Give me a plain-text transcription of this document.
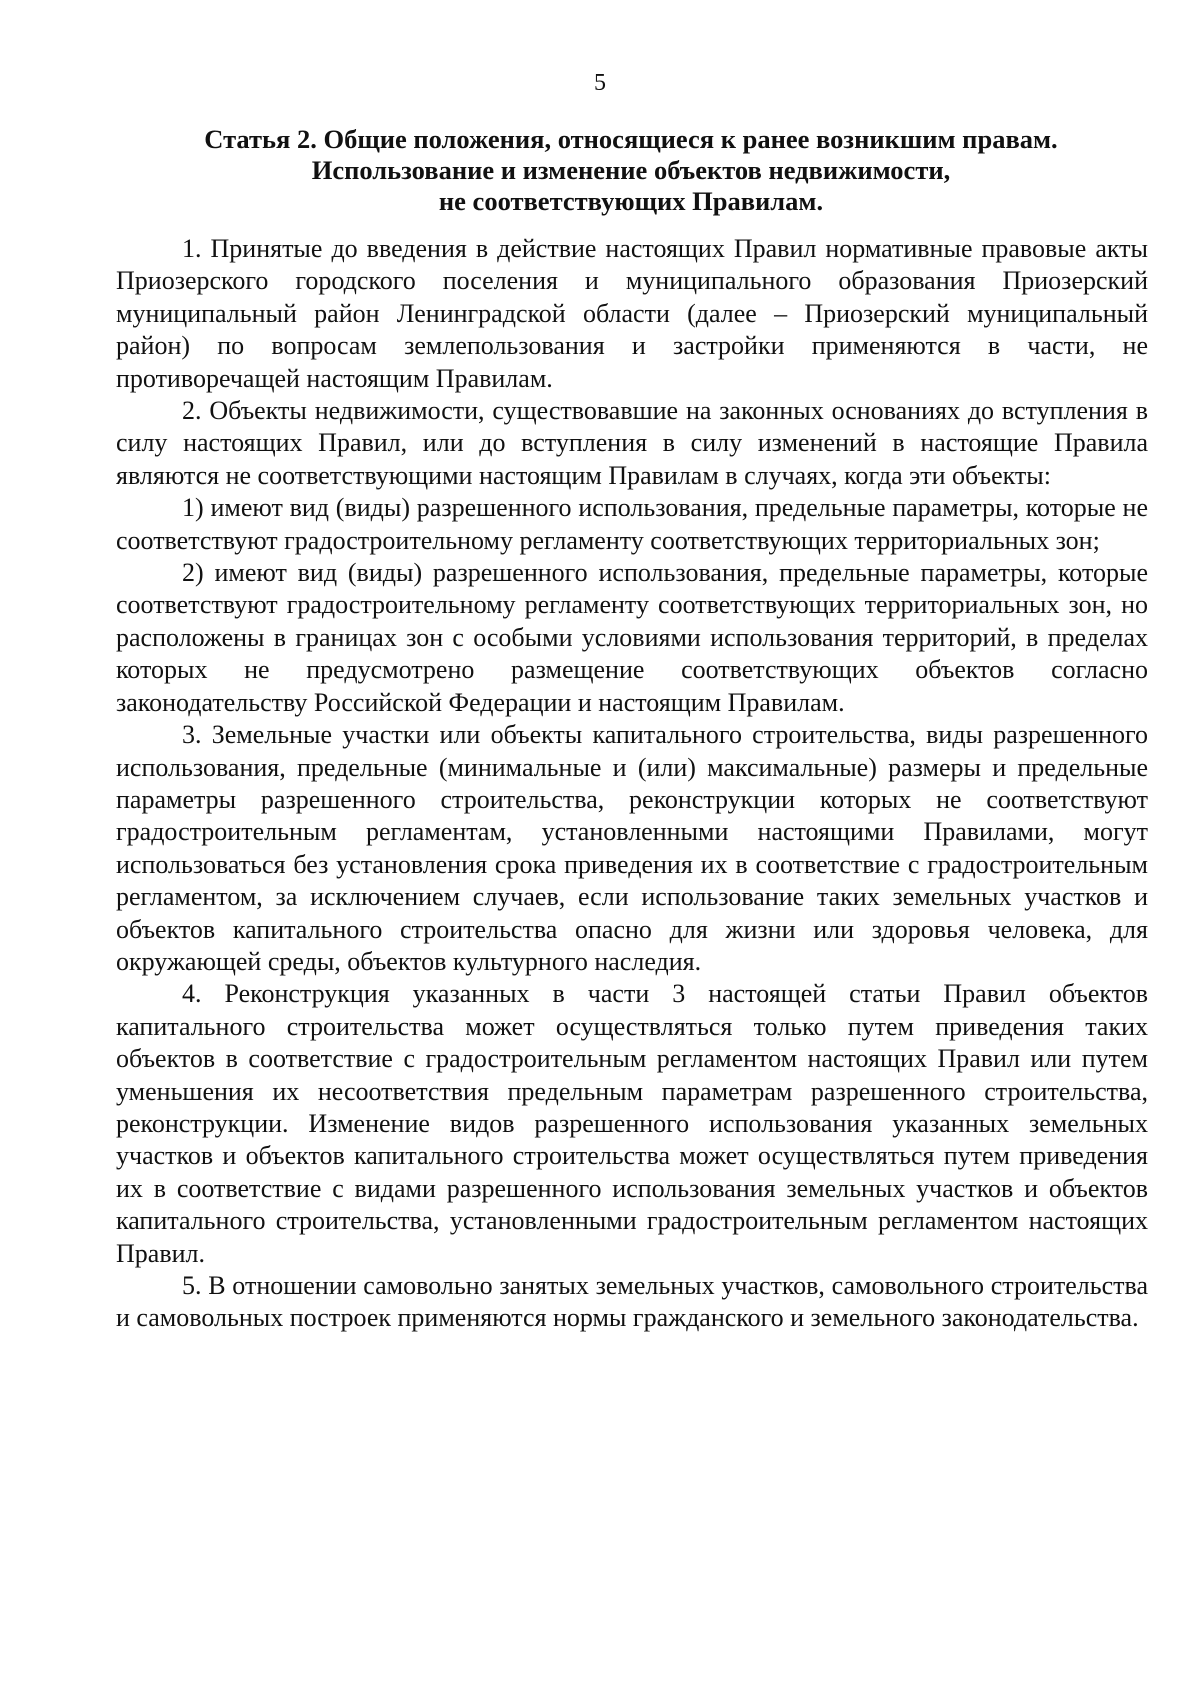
5
Статья 2. Общие положения, относящиеся к ранее возникшим правам.
Использование и изменение объектов недвижимости,
не соответствующих Правилам.

1. Принятые до введения в действие настоящих Правил нормативные правовые акты Приозерского городского поселения и муниципального образования Приозерский муниципальный район Ленинградской области (далее – Приозерский муниципальный район) по вопросам землепользования и застройки применяются в части, не противоречащей настоящим Правилам.

2. Объекты недвижимости, существовавшие на законных основаниях до вступления в силу настоящих Правил, или до вступления в силу изменений в настоящие Правила являются не соответствующими настоящим Правилам в случаях, когда эти объекты:

1) имеют вид (виды) разрешенного использования, предельные параметры, которые не соответствуют градостроительному регламенту соответствующих территориальных зон;

2) имеют вид (виды) разрешенного использования, предельные параметры, которые соответствуют градостроительному регламенту соответствующих территориальных зон, но расположены в границах зон с особыми условиями использования территорий, в пределах которых не предусмотрено размещение соответствующих объектов согласно законодательству Российской Федерации и настоящим Правилам.

3. Земельные участки или объекты капитального строительства, виды разрешенного использования, предельные (минимальные и (или) максимальные) размеры и предельные параметры разрешенного строительства, реконструкции которых не соответствуют градостроительным регламентам, установленными настоящими Правилами, могут использоваться без установления срока приведения их в соответствие с градостроительным регламентом, за исключением случаев, если использование таких земельных участков и объектов капитального строительства опасно для жизни или здоровья человека, для окружающей среды, объектов культурного наследия.

4. Реконструкция указанных в части 3 настоящей статьи Правил объектов капитального строительства может осуществляться только путем приведения таких объектов в соответствие с градостроительным регламентом настоящих Правил или путем уменьшения их несоответствия предельным параметрам разрешенного строительства, реконструкции. Изменение видов разрешенного использования указанных земельных участков и объектов капитального строительства может осуществляться путем приведения их в соответствие с видами разрешенного использования земельных участков и объектов капитального строительства, установленными градостроительным регламентом настоящих Правил.

5. В отношении самовольно занятых земельных участков, самовольного строительства и самовольных построек применяются нормы гражданского и земельного законодательства.
